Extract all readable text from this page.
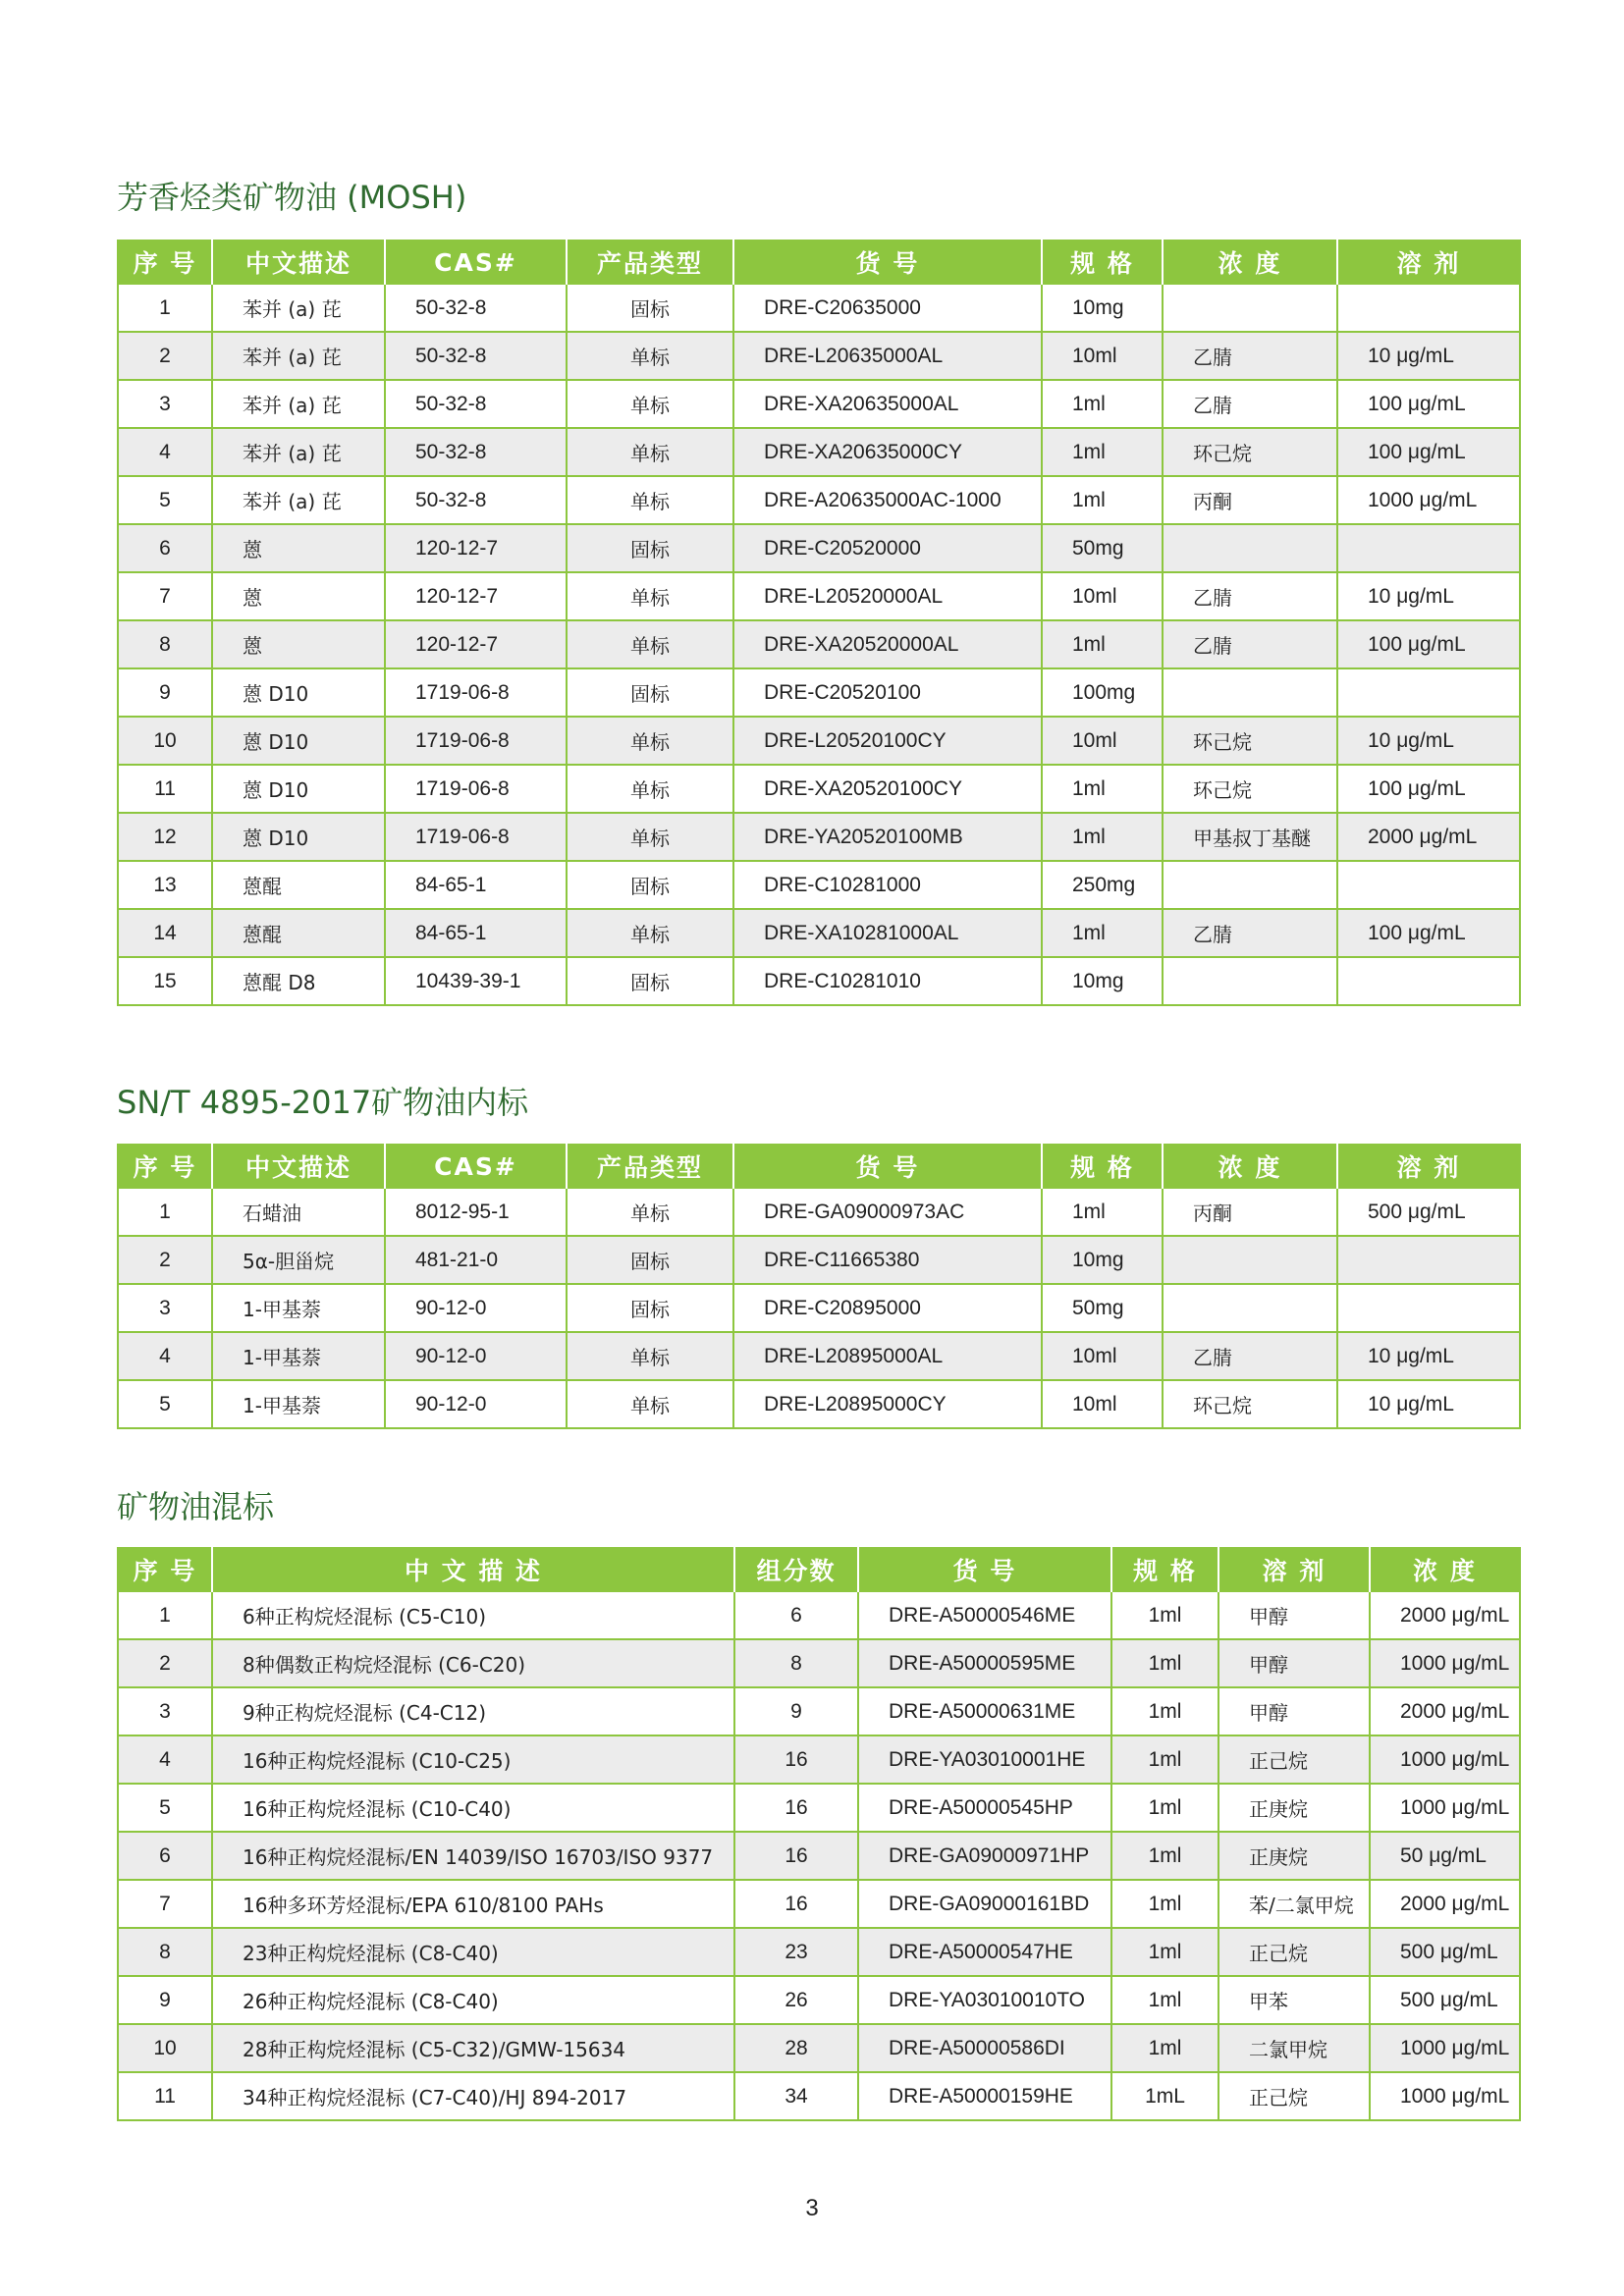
芳香烃类矿物油 (MOSH)
序 号	中文描述	CAS#	产品类型	货 号	规 格	浓 度	溶 剂
1	苯并 (a) 芘	50-32-8	固标	DRE-C20635000	10mg		
2	苯并 (a) 芘	50-32-8	单标	DRE-L20635000AL	10ml	乙腈	10 μg/mL
3	苯并 (a) 芘	50-32-8	单标	DRE-XA20635000AL	1ml	乙腈	100 μg/mL
4	苯并 (a) 芘	50-32-8	单标	DRE-XA20635000CY	1ml	环己烷	100 μg/mL
5	苯并 (a) 芘	50-32-8	单标	DRE-A20635000AC-1000	1ml	丙酮	1000 μg/mL
6	蒽	120-12-7	固标	DRE-C20520000	50mg		
7	蒽	120-12-7	单标	DRE-L20520000AL	10ml	乙腈	10 μg/mL
8	蒽	120-12-7	单标	DRE-XA20520000AL	1ml	乙腈	100 μg/mL
9	蒽 D10	1719-06-8	固标	DRE-C20520100	100mg		
10	蒽 D10	1719-06-8	单标	DRE-L20520100CY	10ml	环己烷	10 μg/mL
11	蒽 D10	1719-06-8	单标	DRE-XA20520100CY	1ml	环己烷	100 μg/mL
12	蒽 D10	1719-06-8	单标	DRE-YA20520100MB	1ml	甲基叔丁基醚	2000 μg/mL
13	蒽醌	84-65-1	固标	DRE-C10281000	250mg		
14	蒽醌	84-65-1	单标	DRE-XA10281000AL	1ml	乙腈	100 μg/mL
15	蒽醌 D8	10439-39-1	固标	DRE-C10281010	10mg		
SN/T 4895-2017矿物油内标
序 号	中文描述	CAS#	产品类型	货 号	规 格	浓 度	溶 剂
1	石蜡油	8012-95-1	单标	DRE-GA09000973AC	1ml	丙酮	500 μg/mL
2	5α-胆甾烷	481-21-0	固标	DRE-C11665380	10mg		
3	1-甲基萘	90-12-0	固标	DRE-C20895000	50mg		
4	1-甲基萘	90-12-0	单标	DRE-L20895000AL	10ml	乙腈	10 μg/mL
5	1-甲基萘	90-12-0	单标	DRE-L20895000CY	10ml	环己烷	10 μg/mL
矿物油混标
序 号	中 文 描 述	组分数	货 号	规 格	溶 剂	浓 度
1	6种正构烷烃混标 (C5-C10)	6	DRE-A50000546ME	1ml	甲醇	2000 μg/mL
2	8种偶数正构烷烃混标 (C6-C20)	8	DRE-A50000595ME	1ml	甲醇	1000 μg/mL
3	9种正构烷烃混标 (C4-C12)	9	DRE-A50000631ME	1ml	甲醇	2000 μg/mL
4	16种正构烷烃混标 (C10-C25)	16	DRE-YA03010001HE	1ml	正己烷	1000 μg/mL
5	16种正构烷烃混标 (C10-C40)	16	DRE-A50000545HP	1ml	正庚烷	1000 μg/mL
6	16种正构烷烃混标/EN 14039/ISO 16703/ISO 9377	16	DRE-GA09000971HP	1ml	正庚烷	50 μg/mL
7	16种多环芳烃混标/EPA 610/8100 PAHs	16	DRE-GA09000161BD	1ml	苯/二氯甲烷	2000 μg/mL
8	23种正构烷烃混标 (C8-C40)	23	DRE-A50000547HE	1ml	正己烷	500 μg/mL
9	26种正构烷烃混标 (C8-C40)	26	DRE-YA03010010TO	1ml	甲苯	500 μg/mL
10	28种正构烷烃混标 (C5-C32)/GMW-15634	28	DRE-A50000586DI	1ml	二氯甲烷	1000 μg/mL
11	34种正构烷烃混标 (C7-C40)/HJ 894-2017	34	DRE-A50000159HE	1mL	正己烷	1000 μg/mL
3
